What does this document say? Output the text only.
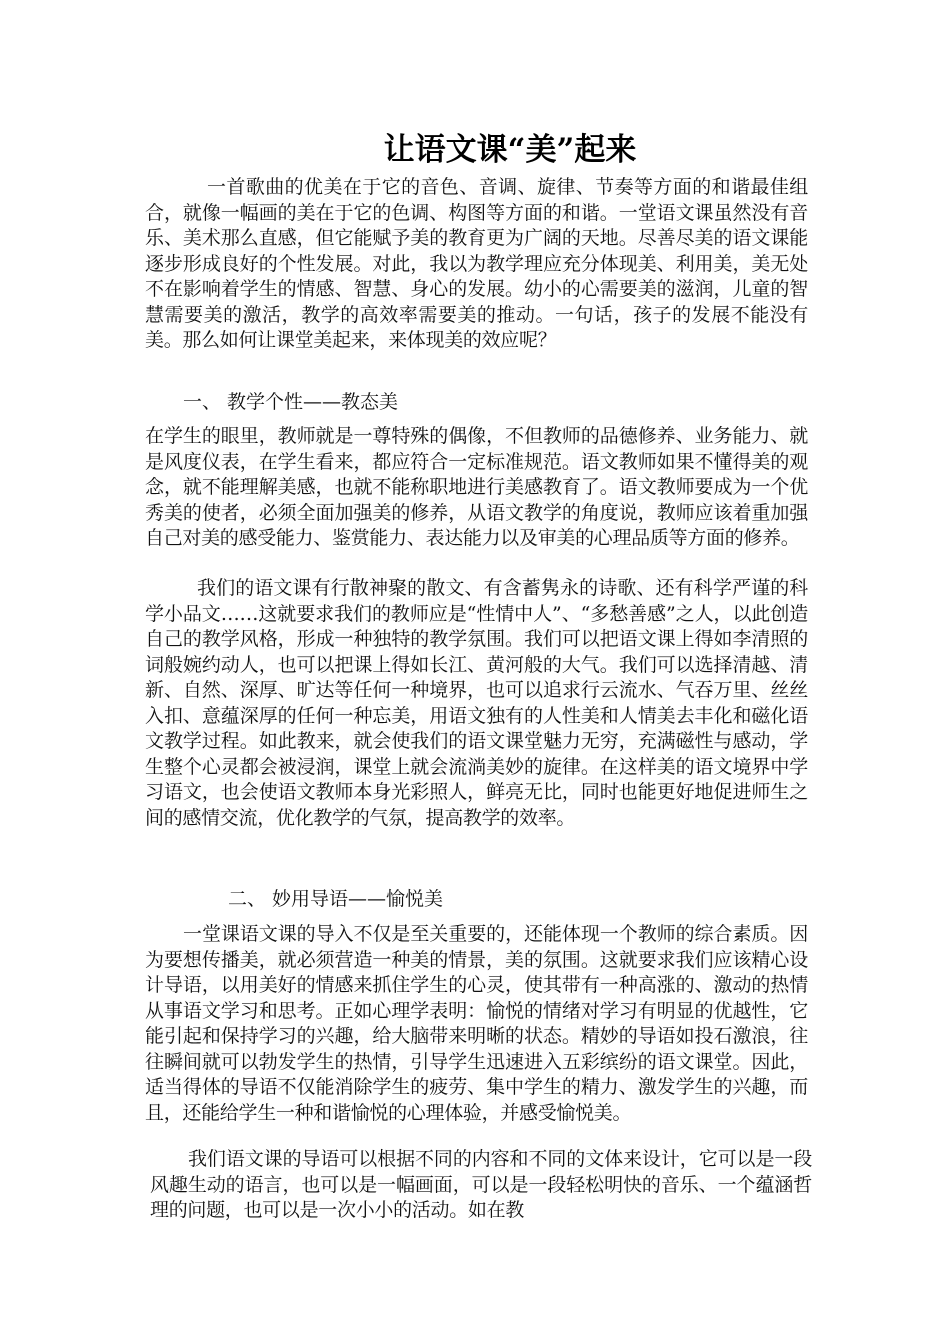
让语文课“美”起来

一首歌曲的优美在于它的音色、音调、旋律、节奏等方面的和谐最佳组合，就像一幅画的美在于它的色调、构图等方面的和谐。一堂语文课虽然没有音乐、美术那么直感，但它能赋予美的教育更为广阔的天地。尽善尽美的语文课能逐步形成良好的个性发展。对此，我以为教学理应充分体现美、利用美，美无处不在影响着学生的情感、智慧、身心的发展。幼小的心需要美的滋润，儿童的智慧需要美的激活，教学的高效率需要美的推动。一句话，孩子的发展不能没有美。那么如何让课堂美起来，来体现美的效应呢？

一、 教学个性——教态美

在学生的眼里，教师就是一尊特殊的偶像，不但教师的品德修养、业务能力、就是风度仪表，在学生看来，都应符合一定标准规范。语文教师如果不懂得美的观念，就不能理解美感，也就不能称职地进行美感教育了。语文教师要成为一个优秀美的使者，必须全面加强美的修养，从语文教学的角度说，教师应该着重加强自己对美的感受能力、鉴赏能力、表达能力以及审美的心理品质等方面的修养。

我们的语文课有行散神聚的散文、有含蓄隽永的诗歌、还有科学严谨的科学小品文……这就要求我们的教师应是“性情中人”、“多愁善感”之人，以此创造自己的教学风格，形成一种独特的教学氛围。我们可以把语文课上得如李清照的词般婉约动人，也可以把课上得如长江、黄河般的大气。我们可以选择清越、清新、自然、深厚、旷达等任何一种境界，也可以追求行云流水、气吞万里、丝丝入扣、意蕴深厚的任何一种忘美，用语文独有的人性美和人情美去丰化和磁化语文教学过程。如此教来，就会使我们的语文课堂魅力无穷，充满磁性与感动，学生整个心灵都会被浸润，课堂上就会流淌美妙的旋律。在这样美的语文境界中学习语文，也会使语文教师本身光彩照人，鲜亮无比，同时也能更好地促进师生之间的感情交流，优化教学的气氛，提高教学的效率。

二、 妙用导语——愉悦美

一堂课语文课的导入不仅是至关重要的，还能体现一个教师的综合素质。因为要想传播美，就必须营造一种美的情景，美的氛围。这就要求我们应该精心设计导语，以用美好的情感来抓住学生的心灵，使其带有一种高涨的、激动的热情从事语文学习和思考。正如心理学表明：愉悦的情绪对学习有明显的优越性，它能引起和保持学习的兴趣，给大脑带来明晰的状态。精妙的导语如投石激浪，往往瞬间就可以勃发学生的热情，引导学生迅速进入五彩缤纷的语文课堂。因此，适当得体的导语不仅能消除学生的疲劳、集中学生的精力、激发学生的兴趣，而且，还能给学生一种和谐愉悦的心理体验，并感受愉悦美。

我们语文课的导语可以根据不同的内容和不同的文体来设计，它可以是一段风趣生动的语言，也可以是一幅画面，可以是一段轻松明快的音乐、一个蕴涵哲理的问题，也可以是一次小小的活动。如在教
